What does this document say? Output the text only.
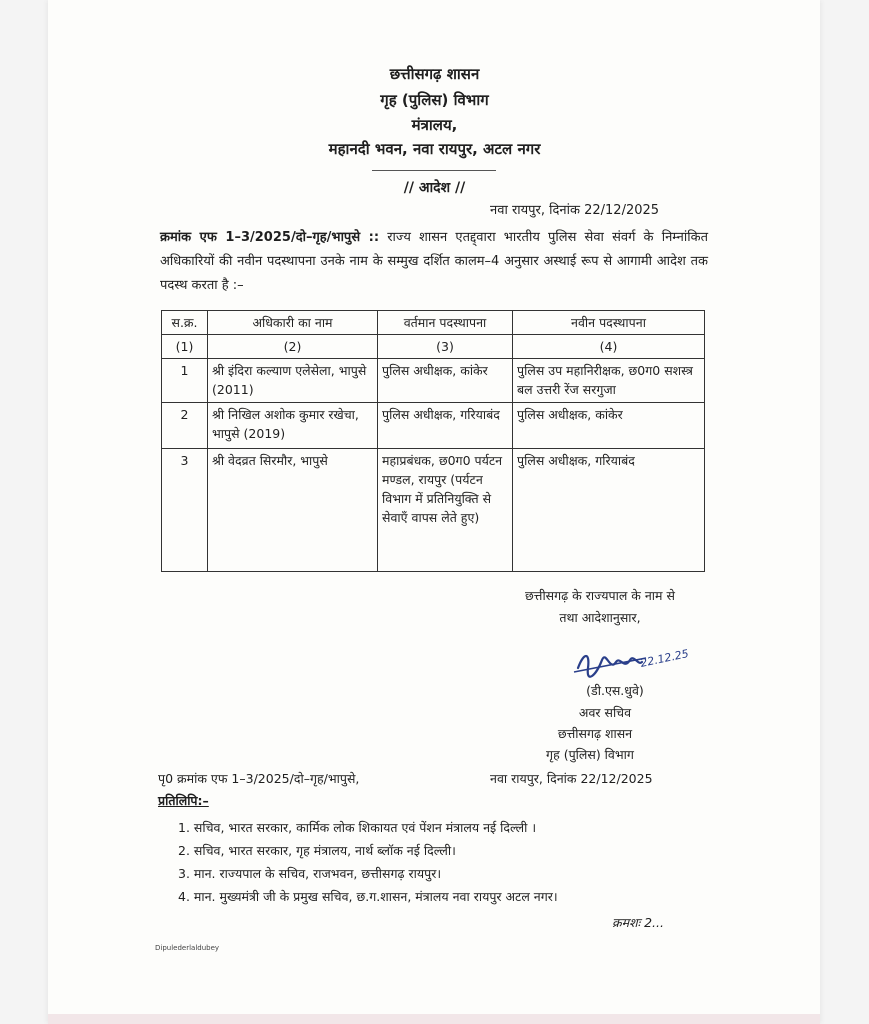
छत्तीसगढ़ शासन
गृह (पुलिस) विभाग
मंत्रालय,
महानदी भवन, नवा रायपुर, अटल नगर
// आदेश //
नवा रायपुर, दिनांक 22/12/2025
क्रमांक एफ 1–3/2025/दो–गृह/भापुसे :: राज्य शासन एतद्द्वारा भारतीय पुलिस सेवा संवर्ग के निम्नांकित अधिकारियों की नवीन पदस्थापना उनके नाम के सम्मुख दर्शित कालम–4 अनुसार अस्थाई रूप से आगामी आदेश तक पदस्थ करता है :–
स.क्र.	अधिकारी का नाम	वर्तमान पदस्थापना	नवीन पदस्थापना
(1)	(2)	(3)	(4)
1	श्री इंदिरा कल्याण एलेसेला, भापुसे (2011)	पुलिस अधीक्षक, कांकेर	पुलिस उप महानिरीक्षक, छ0ग0 सशस्त्र बल उत्तरी रेंज सरगुजा
2	श्री निखिल अशोक कुमार रखेचा, भापुसे (2019)	पुलिस अधीक्षक, गरियाबंद	पुलिस अधीक्षक, कांकेर
3	श्री वेदव्रत सिरमौर, भापुसे	महाप्रबंधक, छ0ग0 पर्यटन मण्डल, रायपुर (पर्यटन विभाग में प्रतिनियुक्ति से सेवाएँ वापस लेते हुए)	पुलिस अधीक्षक, गरियाबंद
छत्तीसगढ़ के राज्यपाल के नाम से
तथा आदेशानुसार,
22.12.25
(डी.एस.धुवे)
अवर सचिव
छत्तीसगढ़ शासन
गृह (पुलिस) विभाग
पृ0 क्रमांक एफ 1–3/2025/दो–गृह/भापुसे,	नवा रायपुर, दिनांक 22/12/2025
प्रतिलिपि:–
1. सचिव, भारत सरकार, कार्मिक लोक शिकायत एवं पेंशन मंत्रालय नई दिल्ली ।
2. सचिव, भारत सरकार, गृह मंत्रालय, नार्थ ब्लॉक नई दिल्ली।
3. मान. राज्यपाल के सचिव, राजभवन, छत्तीसगढ़ रायपुर।
4. मान. मुख्यमंत्री जी के प्रमुख सचिव, छ.ग.शासन, मंत्रालय नवा रायपुर अटल नगर।
क्रमशः 2...
Dipulederlaldubey
